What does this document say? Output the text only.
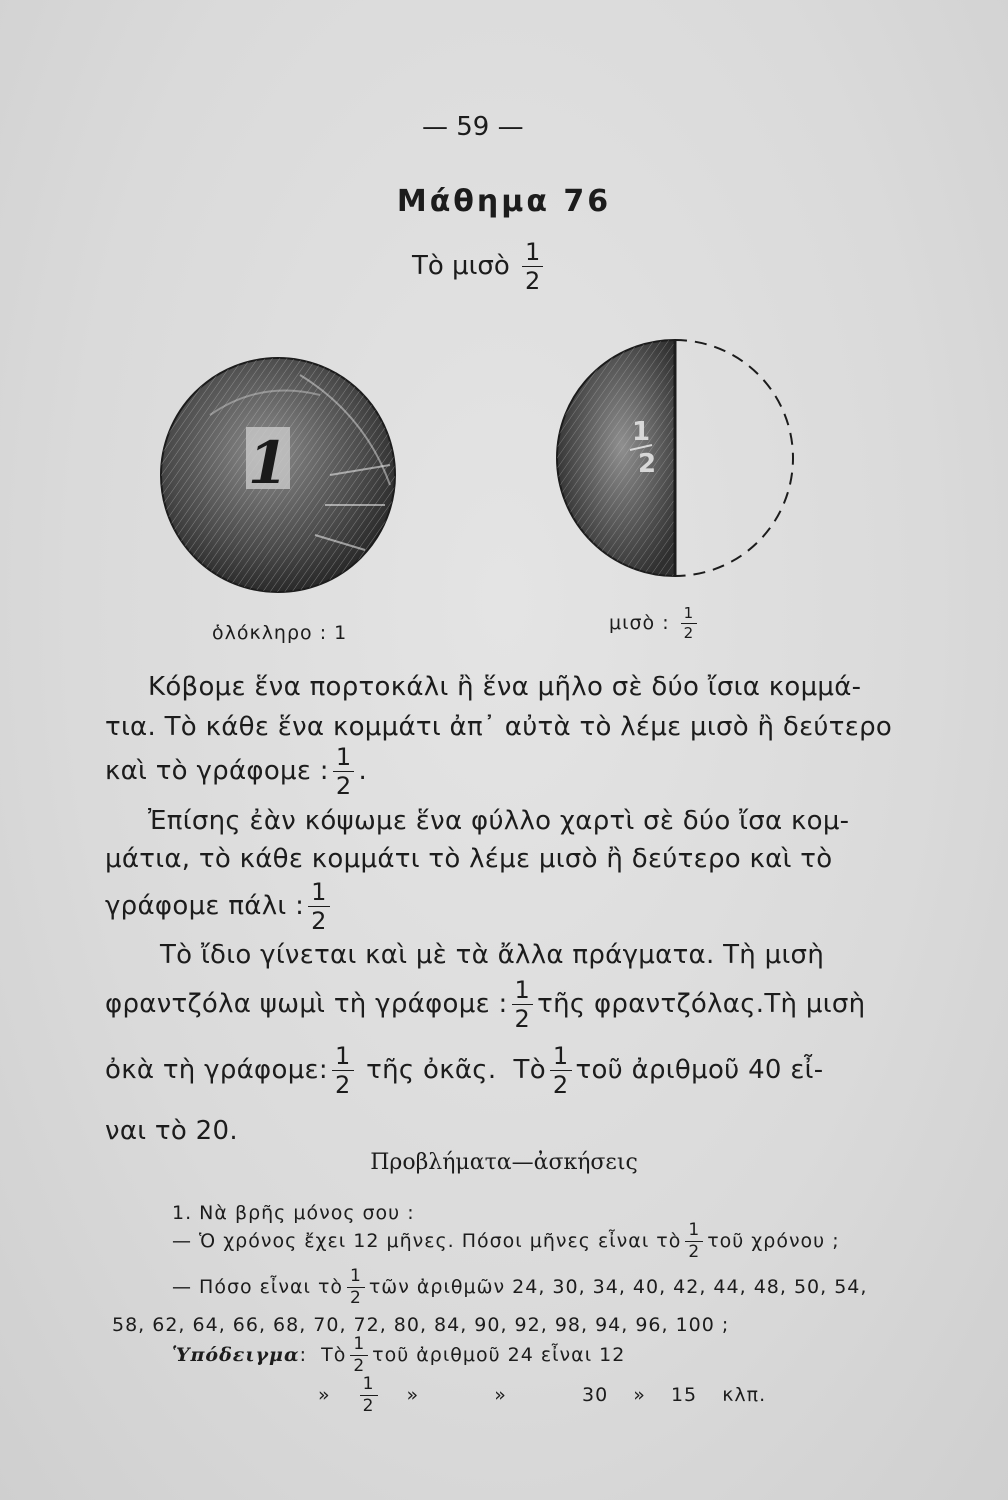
— 59 —
Μάθημα 76
Τὸ μισὸ $\frac{1}{2}$
1	1
2
ὁλόκληρο : 1	μισὸ : $\frac{1}{2}$
Κόβομε ἕνα πορτοκάλι ἢ ἕνα μῆλο σὲ δύο ἴσια κομμά-
τια. Τὸ κάθε ἕνα κομμάτι ἀπ᾽ αὐτὰ τὸ λέμε μισὸ ἢ δεύτερο
καὶ τὸ γράφομε : $\frac{1}{2}$ .
Ἐπίσης ἐὰν κόψωμε ἕνα φύλλο χαρτὶ σὲ δύο ἴσα κομ-
μάτια, τὸ κάθε κομμάτι τὸ λέμε μισὸ ἢ δεύτερο καὶ τὸ
γράφομε πάλι : $\frac{1}{2}$
Τὸ ἴδιο γίνεται καὶ μὲ τὰ ἄλλα πράγματα. Τὴ μισὴ
φραντζόλα ψωμὶ τὴ γράφομε : $\frac{1}{2}$ τῆς φραντζόλας.Τὴ μισὴ
ὀκὰ τὴ γράφομε: $\frac{1}{2}$ τῆς ὀκᾶς. Τὸ $\frac{1}{2}$ τοῦ ἀριθμοῦ 40 εἶ-
ναι τὸ 20.
Προβλήματα—ἀσκήσεις
1. Νὰ βρῆς μόνος σου :
— Ὁ χρόνος ἔχει 12 μῆνες. Πόσοι μῆνες εἶναι τὸ $\frac{1}{2}$ τοῦ χρόνου ;
— Πόσο εἶναι τὸ $\frac{1}{2}$ τῶν ἀριθμῶν 24, 30, 34, 40, 42, 44, 48, 50, 54,
58, 62, 64, 66, 68, 70, 72, 80, 84, 90, 92, 98, 94, 96, 100 ;
Ὑπόδειγμα:  Τὸ $\frac{1}{2}$ τοῦ ἀριθμοῦ 24 εἶναι 12
» $\frac{1}{2}$ »	»	30 » 15 κλπ.
